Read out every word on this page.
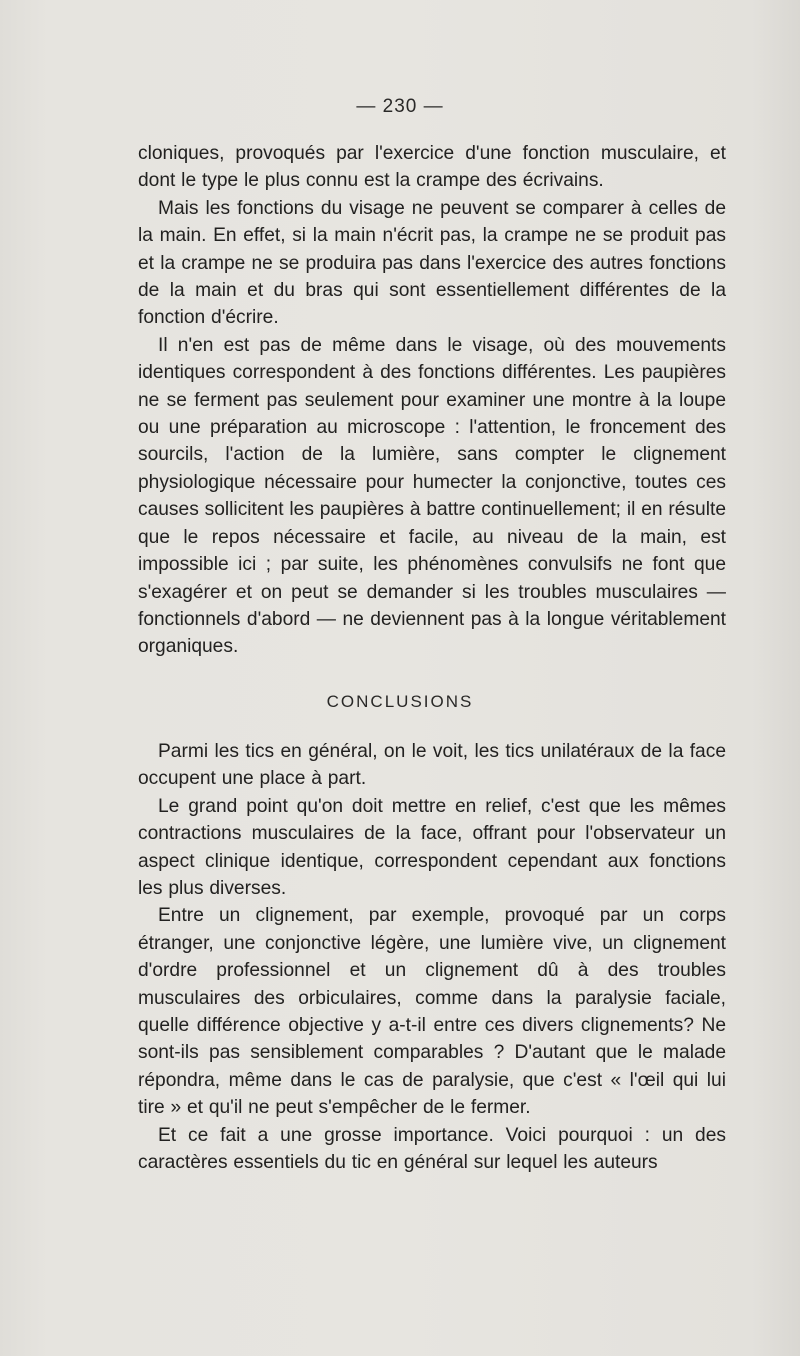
— 230 —

cloniques, provoqués par l'exercice d'une fonction musculaire, et dont le type le plus connu est la crampe des écrivains.

Mais les fonctions du visage ne peuvent se comparer à celles de la main. En effet, si la main n'écrit pas, la crampe ne se produit pas et la crampe ne se produira pas dans l'exercice des autres fonctions de la main et du bras qui sont essentiellement différentes de la fonction d'écrire.

Il n'en est pas de même dans le visage, où des mouvements identiques correspondent à des fonctions différentes. Les paupières ne se ferment pas seulement pour examiner une montre à la loupe ou une préparation au microscope : l'attention, le froncement des sourcils, l'action de la lumière, sans compter le clignement physiologique nécessaire pour humecter la conjonctive, toutes ces causes sollicitent les paupières à battre continuellement; il en résulte que le repos nécessaire et facile, au niveau de la main, est impossible ici ; par suite, les phénomènes convulsifs ne font que s'exagérer et on peut se demander si les troubles musculaires — fonctionnels d'abord — ne deviennent pas à la longue véritablement organiques.

CONCLUSIONS

Parmi les tics en général, on le voit, les tics unilatéraux de la face occupent une place à part.

Le grand point qu'on doit mettre en relief, c'est que les mêmes contractions musculaires de la face, offrant pour l'observateur un aspect clinique identique, correspondent cependant aux fonctions les plus diverses.

Entre un clignement, par exemple, provoqué par un corps étranger, une conjonctive légère, une lumière vive, un clignement d'ordre professionnel et un clignement dû à des troubles musculaires des orbiculaires, comme dans la paralysie faciale, quelle différence objective y a-t-il entre ces divers clignements? Ne sont-ils pas sensiblement comparables ? D'autant que le malade répondra, même dans le cas de paralysie, que c'est « l'œil qui lui tire » et qu'il ne peut s'empêcher de le fermer.

Et ce fait a une grosse importance. Voici pourquoi : un des caractères essentiels du tic en général sur lequel les auteurs
